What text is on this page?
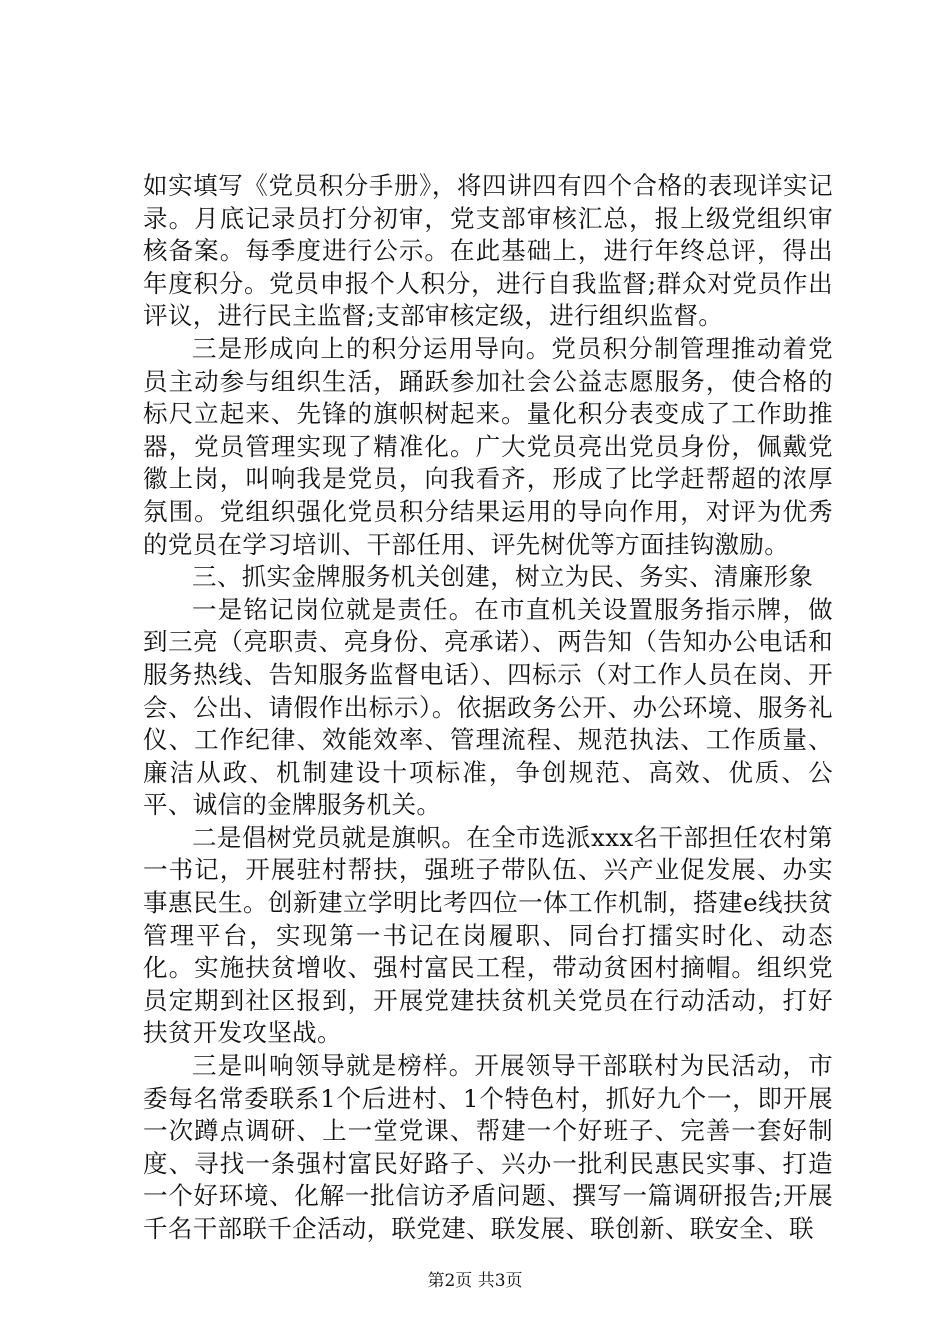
如实填写《党员积分手册》，将四讲四有四个合格的表现详实记录。月底记录员打分初审，党支部审核汇总，报上级党组织审核备案。每季度进行公示。在此基础上，进行年终总评，得出年度积分。党员申报个人积分，进行自我监督;群众对党员作出评议，进行民主监督;支部审核定级，进行组织监督。

三是形成向上的积分运用导向。党员积分制管理推动着党员主动参与组织生活，踊跃参加社会公益志愿服务，使合格的标尺立起来、先锋的旗帜树起来。量化积分表变成了工作助推器，党员管理实现了精准化。广大党员亮出党员身份，佩戴党徽上岗，叫响我是党员，向我看齐，形成了比学赶帮超的浓厚氛围。党组织强化党员积分结果运用的导向作用，对评为优秀的党员在学习培训、干部任用、评先树优等方面挂钩激励。

三、抓实金牌服务机关创建，树立为民、务实、清廉形象

一是铭记岗位就是责任。在市直机关设置服务指示牌，做到三亮（亮职责、亮身份、亮承诺）、两告知（告知办公电话和服务热线、告知服务监督电话）、四标示（对工作人员在岗、开会、公出、请假作出标示）。依据政务公开、办公环境、服务礼仪、工作纪律、效能效率、管理流程、规范执法、工作质量、廉洁从政、机制建设十项标准，争创规范、高效、优质、公平、诚信的金牌服务机关。

二是倡树党员就是旗帜。在全市选派xxx名干部担任农村第一书记，开展驻村帮扶，强班子带队伍、兴产业促发展、办实事惠民生。创新建立学明比考四位一体工作机制，搭建e线扶贫管理平台，实现第一书记在岗履职、同台打擂实时化、动态化。实施扶贫增收、强村富民工程，带动贫困村摘帽。组织党员定期到社区报到，开展党建扶贫机关党员在行动活动，打好扶贫开发攻坚战。

三是叫响领导就是榜样。开展领导干部联村为民活动，市委每名常委联系1个后进村、1个特色村，抓好九个一，即开展一次蹲点调研、上一堂党课、帮建一个好班子、完善一套好制度、寻找一条强村富民好路子、兴办一批利民惠民实事、打造一个好环境、化解一批信访矛盾问题、撰写一篇调研报告;开展千名干部联千企活动，联党建、联发展、联创新、联安全、联

第2页 共3页
